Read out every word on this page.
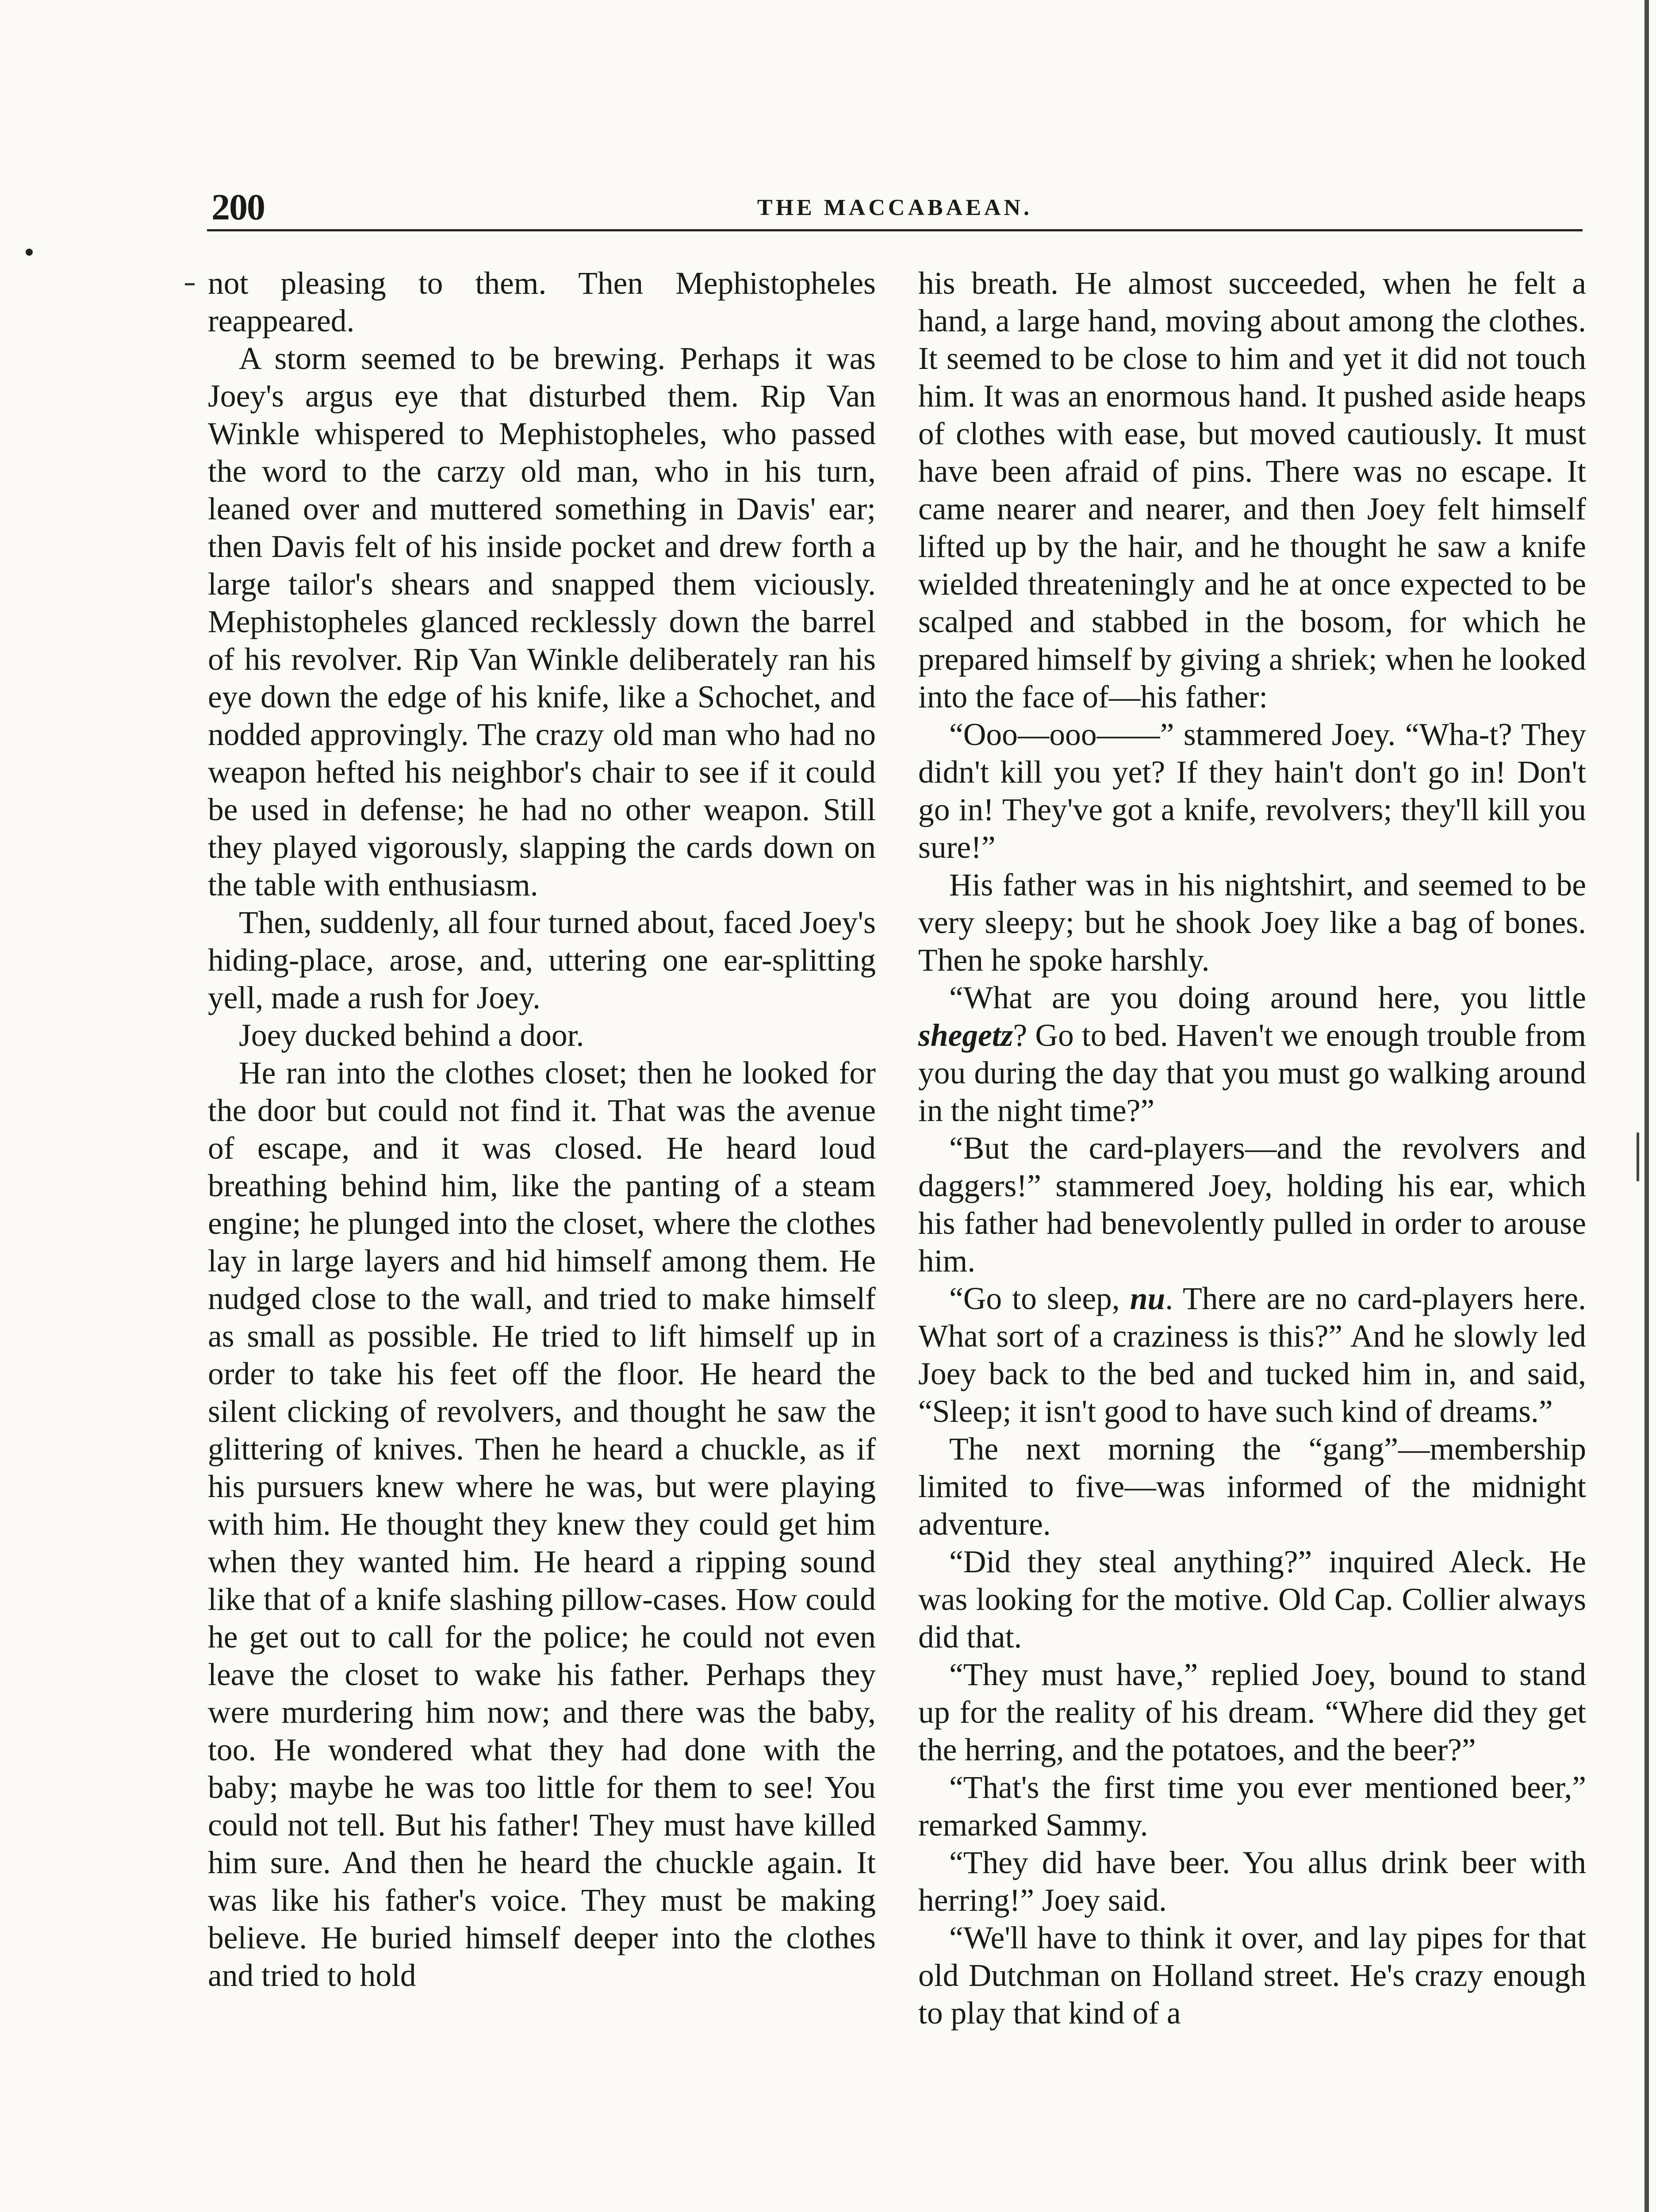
200	THE MACCABAEAN.

not pleasing to them. Then Mephistopheles reappeared.

A storm seemed to be brewing. Perhaps it was Joey's argus eye that disturbed them. Rip Van Winkle whispered to Mephistopheles, who passed the word to the carzy old man, who in his turn, leaned over and muttered something in Davis' ear; then Davis felt of his inside pocket and drew forth a large tailor's shears and snapped them viciously. Mephistopheles glanced recklessly down the barrel of his revolver. Rip Van Winkle deliberately ran his eye down the edge of his knife, like a Schochet, and nodded approvingly. The crazy old man who had no weapon hefted his neighbor's chair to see if it could be used in defense; he had no other weapon. Still they played vigorously, slapping the cards down on the table with enthusiasm.

Then, suddenly, all four turned about, faced Joey's hiding-place, arose, and, uttering one ear-splitting yell, made a rush for Joey.

Joey ducked behind a door.

He ran into the clothes closet; then he looked for the door but could not find it. That was the avenue of escape, and it was closed. He heard loud breathing behind him, like the panting of a steam engine; he plunged into the closet, where the clothes lay in large layers and hid himself among them. He nudged close to the wall, and tried to make himself as small as possible. He tried to lift himself up in order to take his feet off the floor. He heard the silent clicking of revolvers, and thought he saw the glittering of knives. Then he heard a chuckle, as if his pursuers knew where he was, but were playing with him. He thought they knew they could get him when they wanted him. He heard a ripping sound like that of a knife slashing pillow-cases. How could he get out to call for the police; he could not even leave the closet to wake his father. Perhaps they were murdering him now; and there was the baby, too. He wondered what they had done with the baby; maybe he was too little for them to see! You could not tell. But his father! They must have killed him sure. And then he heard the chuckle again. It was like his father's voice. They must be making believe. He buried himself deeper into the clothes and tried to hold

his breath. He almost succeeded, when he felt a hand, a large hand, moving about among the clothes. It seemed to be close to him and yet it did not touch him. It was an enormous hand. It pushed aside heaps of clothes with ease, but moved cautiously. It must have been afraid of pins. There was no escape. It came nearer and nearer, and then Joey felt himself lifted up by the hair, and he thought he saw a knife wielded threateningly and he at once expected to be scalped and stabbed in the bosom, for which he prepared himself by giving a shriek; when he looked into the face of—his father:

“Ooo—ooo——” stammered Joey. “Wha-t? They didn't kill you yet? If they hain't don't go in! Don't go in! They've got a knife, revolvers; they'll kill you sure!”

His father was in his nightshirt, and seemed to be very sleepy; but he shook Joey like a bag of bones. Then he spoke harshly.

“What are you doing around here, you little shegetz? Go to bed. Haven't we enough trouble from you during the day that you must go walking around in the night time?”

“But the card-players—and the revolvers and daggers!” stammered Joey, holding his ear, which his father had benevolently pulled in order to arouse him.

“Go to sleep, nu. There are no card-players here. What sort of a craziness is this?” And he slowly led Joey back to the bed and tucked him in, and said, “Sleep; it isn't good to have such kind of dreams.”

The next morning the “gang”—membership limited to five—was informed of the midnight adventure.

“Did they steal anything?” inquired Aleck. He was looking for the motive. Old Cap. Collier always did that.

“They must have,” replied Joey, bound to stand up for the reality of his dream. “Where did they get the herring, and the potatoes, and the beer?”

“That's the first time you ever mentioned beer,” remarked Sammy.

“They did have beer. You allus drink beer with herring!” Joey said.

“We'll have to think it over, and lay pipes for that old Dutchman on Holland street. He's crazy enough to play that kind of a
